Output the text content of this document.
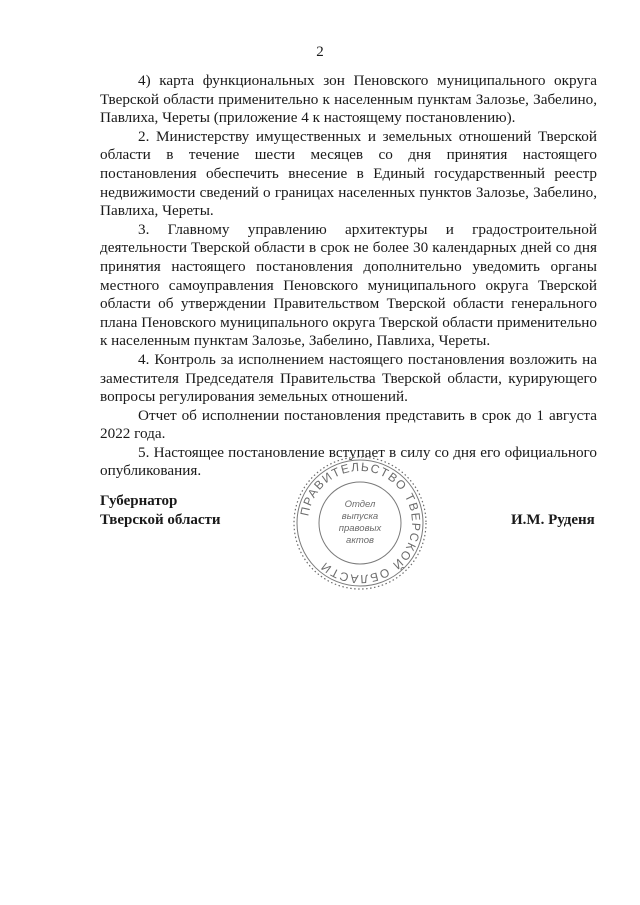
2

4) карта функциональных зон Пеновского муниципального округа Тверской области применительно к населенным пунктам Залозье, Забелино, Павлиха, Череты (приложение 4 к настоящему постановлению).

2. Министерству имущественных и земельных отношений Тверской области в течение шести месяцев со дня принятия настоящего постановления обеспечить внесение в Единый государственный реестр недвижимости сведений о границах населенных пунктов Залозье, Забелино, Павлиха, Череты.

3. Главному управлению архитектуры и градостроительной деятельности Тверской области в срок не более 30 календарных дней со дня принятия настоящего постановления дополнительно уведомить органы местного самоуправления Пеновского муниципального округа Тверской области об утверждении Правительством Тверской области генерального плана Пеновского муниципального округа Тверской области применительно к населенным пунктам Залозье, Забелино, Павлиха, Череты.

4. Контроль за исполнением настоящего постановления возложить на заместителя Председателя Правительства Тверской области, курирующего вопросы регулирования земельных отношений.

Отчет об исполнении постановления представить в срок до 1 августа 2022 года.

5. Настоящее постановление вступает в силу со дня его официального опубликования.

Губернатор
Тверской области
ПРАВИТЕЛЬСТВО ТВЕРСКОЙ ОБЛАСТИ
Отдел
выпуска
правовых
актов
И.М. Руденя
